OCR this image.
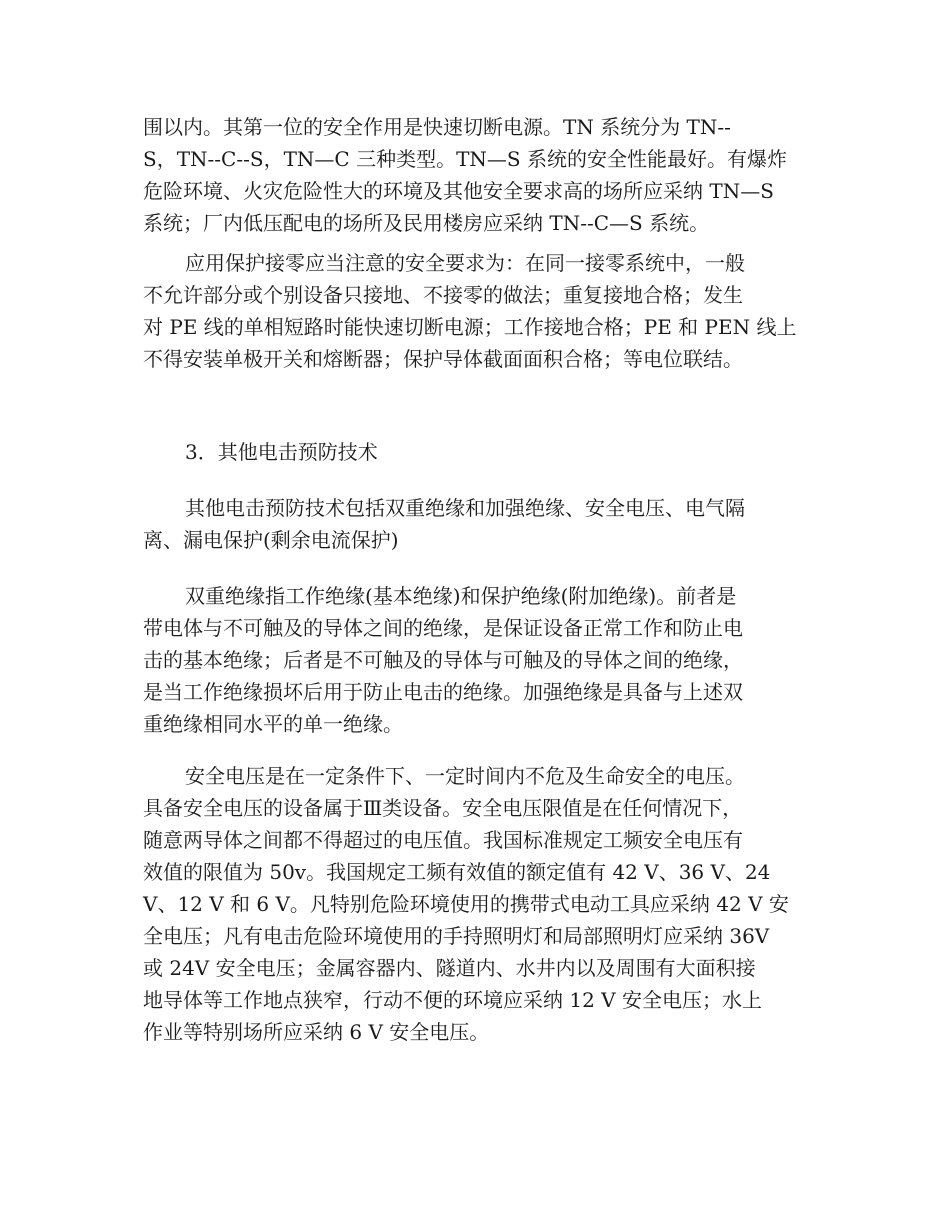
围以内。其第一位的安全作用是快速切断电源。TN 系统分为 TN--
S，TN--C--S，TN—C 三种类型。TN—S 系统的安全性能最好。有爆炸
危险环境、火灾危险性大的环境及其他安全要求高的场所应采纳 TN—S
系统；厂内低压配电的场所及民用楼房应采纳 TN--C—S 系统。
应用保护接零应当注意的安全要求为：在同一接零系统中，一般
不允许部分或个别设备只接地、不接零的做法；重复接地合格；发生
对 PE 线的单相短路时能快速切断电源；工作接地合格；PE 和 PEN 线上
不得安装单极开关和熔断器；保护导体截面面积合格；等电位联结。
3．其他电击预防技术
其他电击预防技术包括双重绝缘和加强绝缘、安全电压、电气隔
离、漏电保护(剩余电流保护)
双重绝缘指工作绝缘(基本绝缘)和保护绝缘(附加绝缘)。前者是
带电体与不可触及的导体之间的绝缘，是保证设备正常工作和防止电
击的基本绝缘；后者是不可触及的导体与可触及的导体之间的绝缘，
是当工作绝缘损坏后用于防止电击的绝缘。加强绝缘是具备与上述双
重绝缘相同水平的单一绝缘。
安全电压是在一定条件下、一定时间内不危及生命安全的电压。
具备安全电压的设备属于Ⅲ类设备。安全电压限值是在任何情况下，
随意两导体之间都不得超过的电压值。我国标准规定工频安全电压有
效值的限值为 50v。我国规定工频有效值的额定值有 42 V、36 V、24
V、12 V 和 6 V。凡特别危险环境使用的携带式电动工具应采纳 42 V 安
全电压；凡有电击危险环境使用的手持照明灯和局部照明灯应采纳 36V
或 24V 安全电压；金属容器内、隧道内、水井内以及周围有大面积接
地导体等工作地点狭窄，行动不便的环境应采纳 12 V 安全电压；水上
作业等特别场所应采纳 6 V 安全电压。
